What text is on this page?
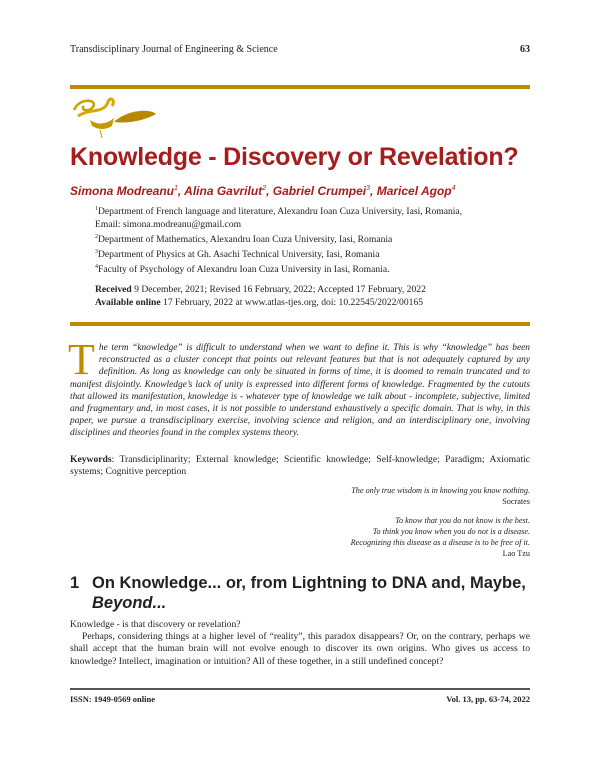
Transdisciplinary Journal of Engineering & Science	63
Knowledge - Discovery or Revelation?
Simona Modreanu$^1$, Alina Gavrilut$^2$, Gabriel Crumpei$^3$, Maricel Agop$^4$
$^1$Department of French language and literature, Alexandru Ioan Cuza University, Iasi, Romania,
Email: simona.modreanu@gmail.com
$^2$Department of Mathematics, Alexandru Ioan Cuza University, Iasi, Romania
$^3$Department of Physics at Gh. Asachi Technical University, Iasi, Romania
$^4$Faculty of Psychology of Alexandru Ioan Cuza University in Iasi, Romania.
Received 9 December, 2021; Revised 16 February, 2022; Accepted 17 February, 2022
Available online 17 February, 2022 at www.atlas-tjes.org, doi: 10.22545/2022/00165
The term “knowledge” is difficult to understand when we want to define it. This is why “knowledge” has been reconstructed as a cluster concept that points out relevant features but that is not adequately captured by any definition. As long as knowledge can only be situated in forms of time, it is doomed to remain truncated and to manifest disjointly. Knowledge’s lack of unity is expressed into different forms of knowledge. Fragmented by the cutouts that allowed its manifestation, knowledge is - whatever type of knowledge we talk about - incomplete, subjective, limited and fragmentary and, in most cases, it is not possible to understand exhaustively a specific domain. That is why, in this paper, we pursue a transdisciplinary exercise, involving science and religion, and an interdisciplinary one, involving disciplines and theories found in the complex systems theory.
Keywords: Transdiciplinarity; External knowledge; Scientific knowledge; Self-knowledge; Paradigm; Axiomatic systems; Cognitive perception
The only true wisdom is in knowing you know nothing.
Socrates
To know that you do not know is the best.
To think you know when you do not is a disease.
Recognizing this disease as a disease is to be free of it.
Lao Tzu
1 On Knowledge... or, from Lightning to DNA and, Maybe,
Beyond...

Knowledge - is that discovery or revelation?

Perhaps, considering things at a higher level of “reality”, this paradox disappears? Or, on the contrary, perhaps we shall accept that the human brain will not evolve enough to discover its own origins. Who gives us access to knowledge? Intellect, imagination or intuition? All of these together, in a still undefined concept?

ISSN: 1949-0569 online	Vol. 13, pp. 63-74, 2022
